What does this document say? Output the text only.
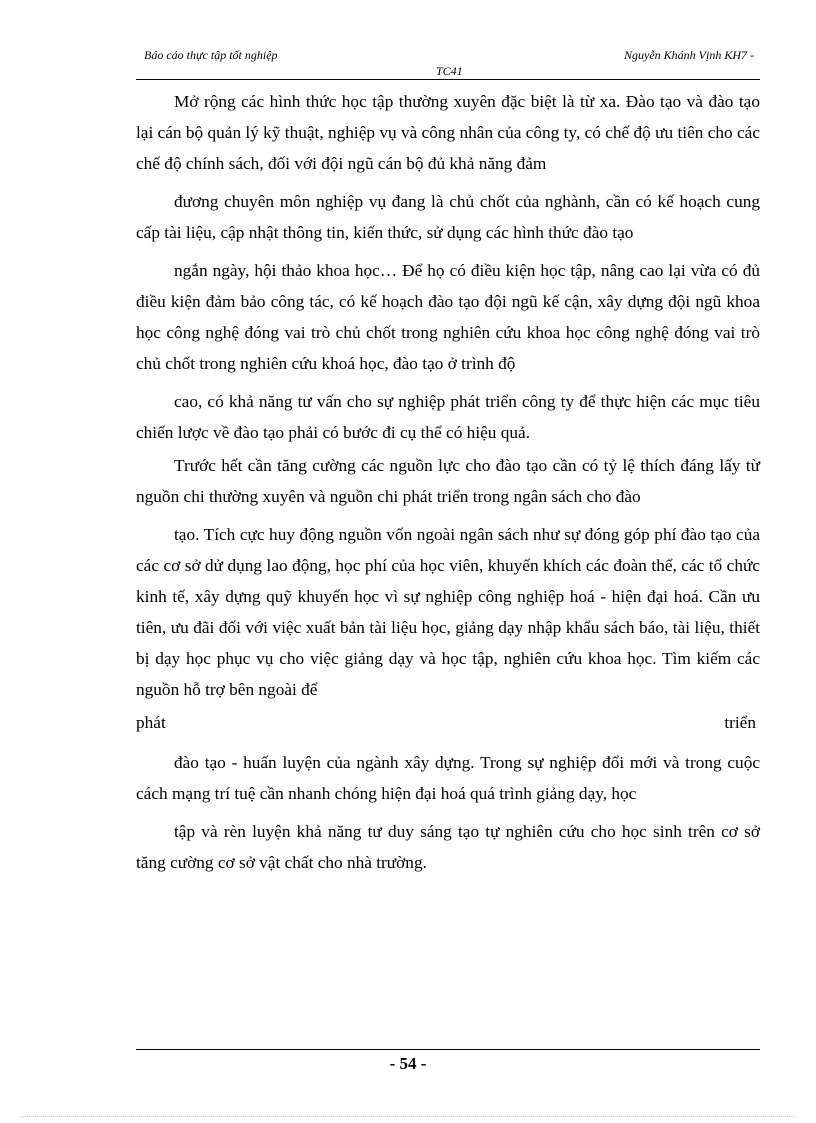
Báo cáo thực tập tốt nghiệp	Nguyễn Khánh Vịnh KH7 -
TC41

Mở rộng các hình thức học tập thường xuyên đặc biệt là từ xa. Đào tạo và đào tạo lại cán bộ quản lý kỹ thuật, nghiệp vụ và công nhân của công ty, có chế độ ưu tiên cho các chế độ chính sách, đối với đội ngũ cán bộ đủ khả năng đảm

đương chuyên môn nghiệp vụ đang là chủ chốt của nghành, cần có kế hoạch cung cấp tài liệu, cập nhật thông tin, kiến thức, sử dụng các hình thức đào tạo

ngắn ngày, hội thảo khoa học… Để họ có điều kiện học tập, nâng cao lại vừa có đủ điều kiện đảm bảo công tác, có kế hoạch đào tạo đội ngũ kế cận, xây dựng đội ngũ khoa học công nghệ đóng vai trò chủ chốt trong nghiên cứu khoa học công nghệ đóng vai trò chủ chốt trong nghiên cứu khoá học, đào tạo ở trình độ

cao, có khả năng tư vấn cho sự nghiệp phát triển công ty để thực hiện các mục tiêu chiến lược về đào tạo phải có bước đi cụ thể có hiệu quả.

Trước hết cần tăng cường các nguồn lực cho đào tạo cần có tỷ lệ thích đáng lấy từ nguồn chi thường xuyên và nguồn chi phát triển trong ngân sách cho đào

tạo. Tích cực huy động nguồn vốn ngoài ngân sách như sự đóng góp phí đào tạo của các cơ sở dử dụng lao động, học phí của học viên, khuyến khích các đoàn thể, các tổ chức kinh tế, xây dựng quỹ khuyến học vì sự nghiệp công nghiệp hoá - hiện đại hoá. Cần ưu tiên, ưu đãi đối với việc xuất bản tài liệu học, giảng dạy nhập khẩu sách báo, tài liệu, thiết bị dạy học phục vụ cho việc giảng dạy và học tập, nghiên cứu khoa học. Tìm kiếm các nguồn hỗ trợ bên ngoài để

phát	triển

đào tạo - huấn luyện của ngành xây dựng. Trong sự nghiệp đổi mới và trong cuộc cách mạng trí tuệ cần nhanh chóng hiện đại hoá quá trình giảng dạy, học

tập và rèn luyện khả năng tư duy sáng tạo tự nghiên cứu cho học sinh trên cơ sở tăng cường cơ sở vật chất cho nhà trường.

- 54 -
